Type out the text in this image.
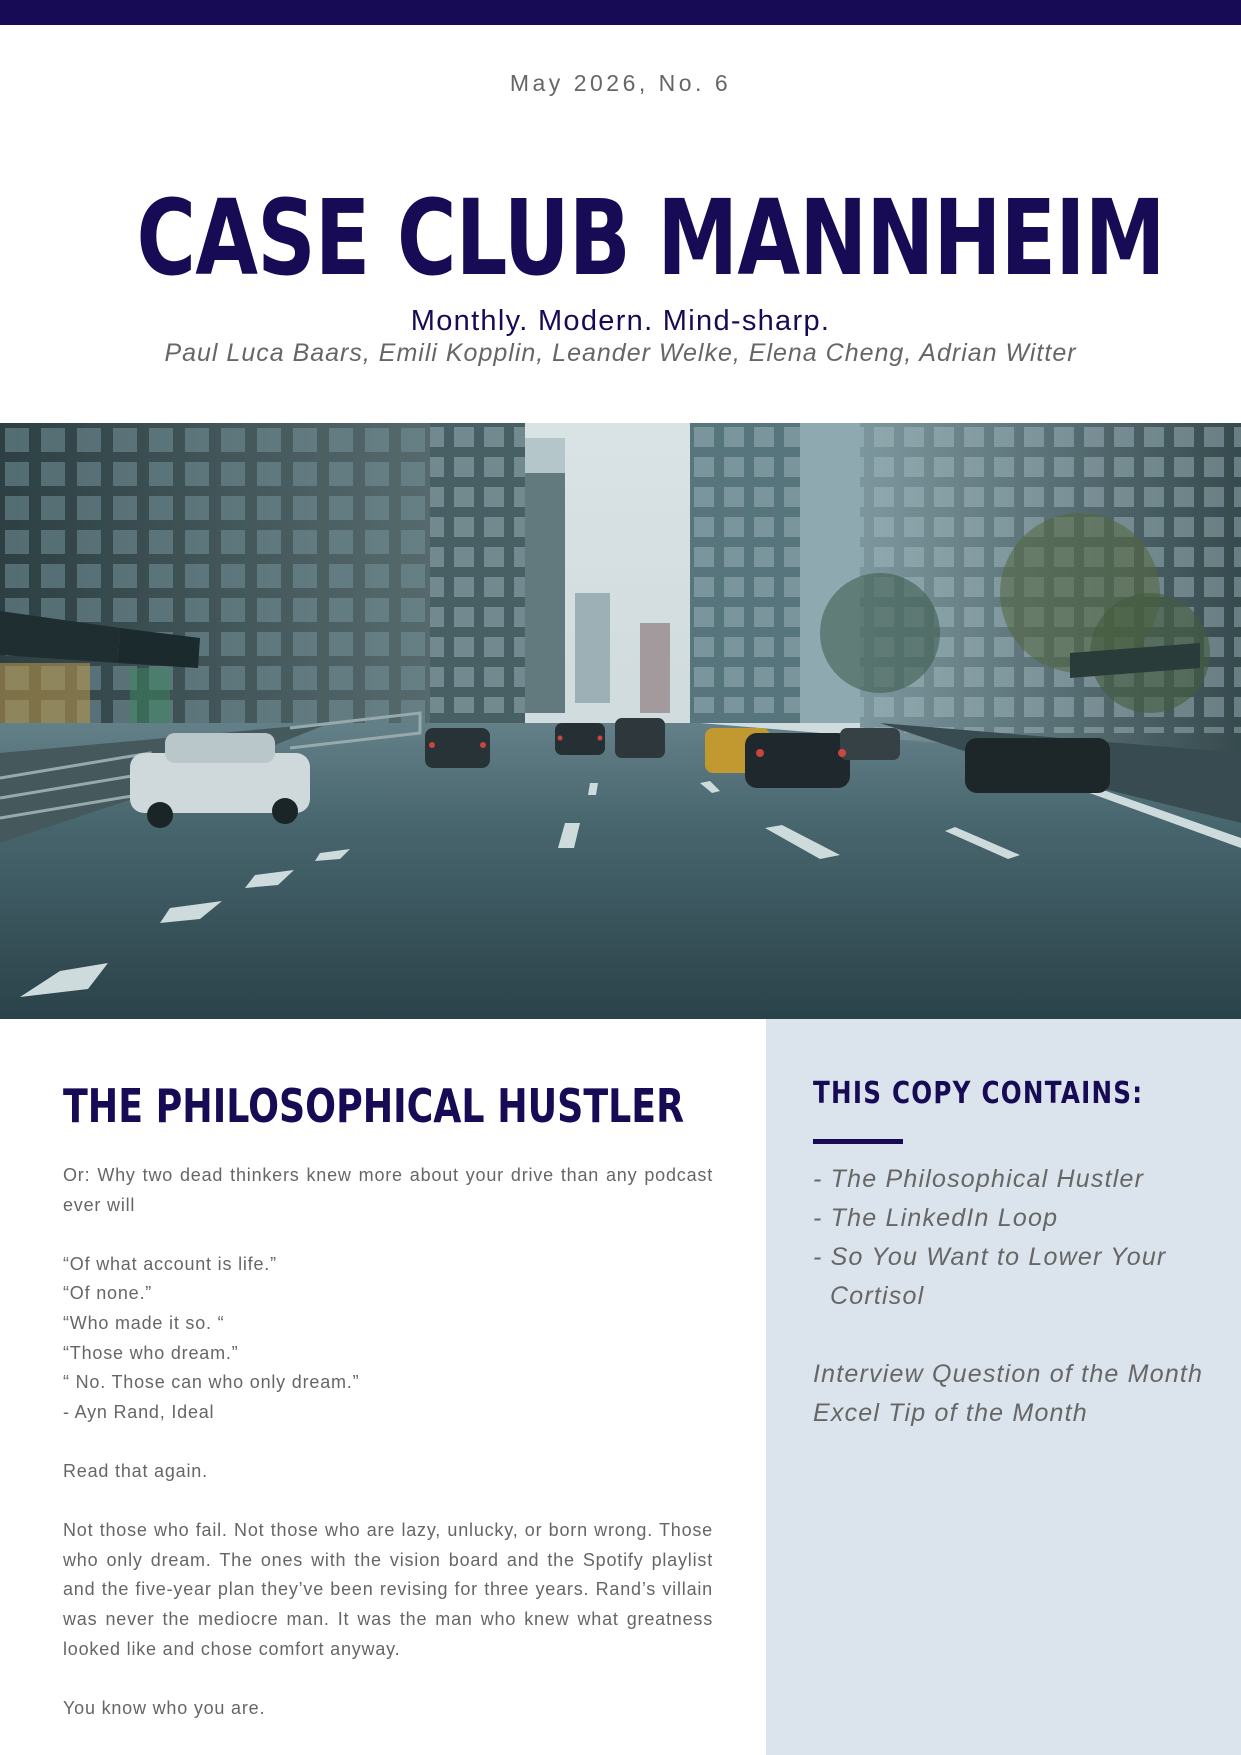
May 2026, No. 6
CASE CLUB MANNHEIM
Monthly. Modern. Mind-sharp.
Paul Luca Baars, Emili Kopplin, Leander Welke, Elena Cheng, Adrian Witter
THE PHILOSOPHICAL HUSTLER

Or: Why two dead thinkers knew more about your drive than any podcast ever will

“Of what account is life.”

“Of none.”

“Who made it so. “

“Those who dream.”

“ No. Those can who only dream.”

- Ayn Rand, Ideal

Read that again.

Not those who fail. Not those who are lazy, unlucky, or born wrong. Those who only dream. The ones with the vision board and the Spotify playlist and the five-year plan they’ve been revising for three years. Rand’s villain was never the mediocre man. It was the man who knew what greatness looked like and chose comfort anyway.

You know who you are.

THIS COPY CONTAINS:
- The Philosophical Hustler
- The LinkedIn Loop
- So You Want to Lower Your Cortisol
Interview Question of the Month
Excel Tip of the Month
